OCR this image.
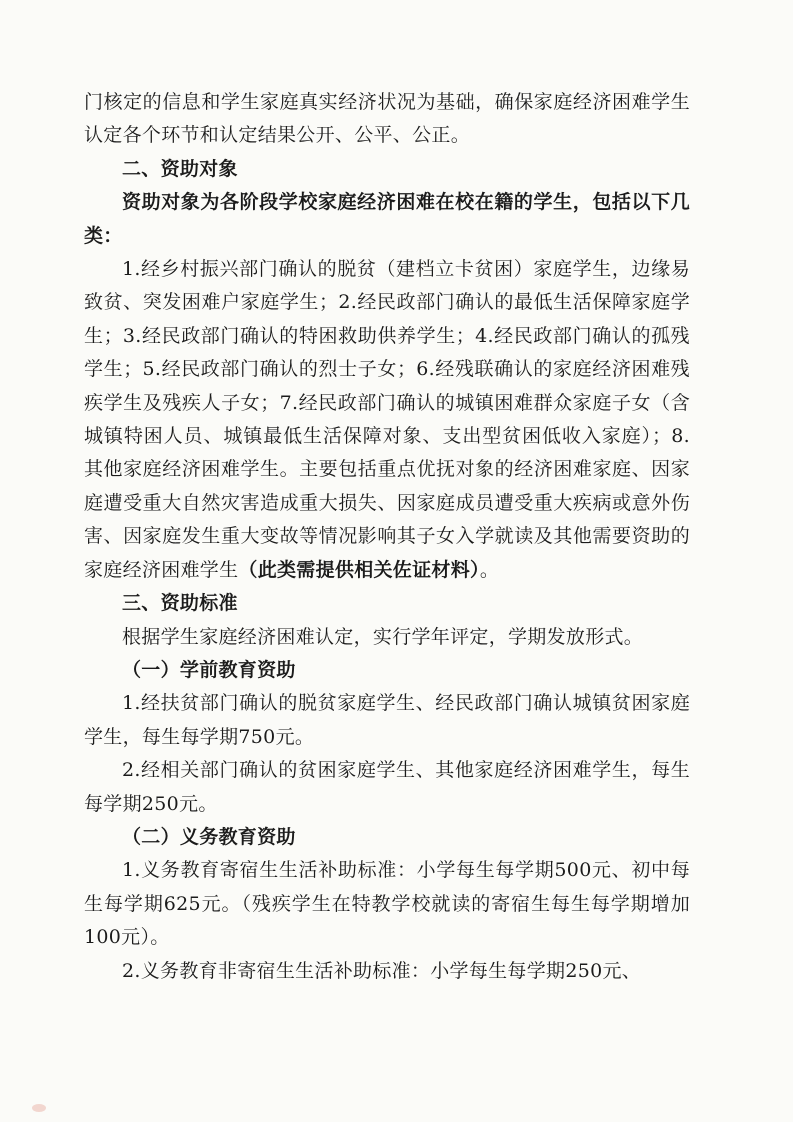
门核定的信息和学生家庭真实经济状况为基础，确保家庭经济困难学生认定各个环节和认定结果公开、公平、公正。

二、资助对象

资助对象为各阶段学校家庭经济困难在校在籍的学生，包括以下几类：

1.经乡村振兴部门确认的脱贫（建档立卡贫困）家庭学生，边缘易致贫、突发困难户家庭学生；2.经民政部门确认的最低生活保障家庭学生；3.经民政部门确认的特困救助供养学生；4.经民政部门确认的孤残学生；5.经民政部门确认的烈士子女；6.经残联确认的家庭经济困难残疾学生及残疾人子女；7.经民政部门确认的城镇困难群众家庭子女（含城镇特困人员、城镇最低生活保障对象、支出型贫困低收入家庭）；8.其他家庭经济困难学生。主要包括重点优抚对象的经济困难家庭、因家庭遭受重大自然灾害造成重大损失、因家庭成员遭受重大疾病或意外伤害、因家庭发生重大变故等情况影响其子女入学就读及其他需要资助的家庭经济困难学生（此类需提供相关佐证材料）。

三、资助标准

根据学生家庭经济困难认定，实行学年评定，学期发放形式。

（一）学前教育资助

1.经扶贫部门确认的脱贫家庭学生、经民政部门确认城镇贫困家庭学生，每生每学期750元。

2.经相关部门确认的贫困家庭学生、其他家庭经济困难学生，每生每学期250元。

（二）义务教育资助

1.义务教育寄宿生生活补助标准：小学每生每学期500元、初中每生每学期625元。（残疾学生在特教学校就读的寄宿生每生每学期增加100元）。

2.义务教育非寄宿生生活补助标准：小学每生每学期250元、
